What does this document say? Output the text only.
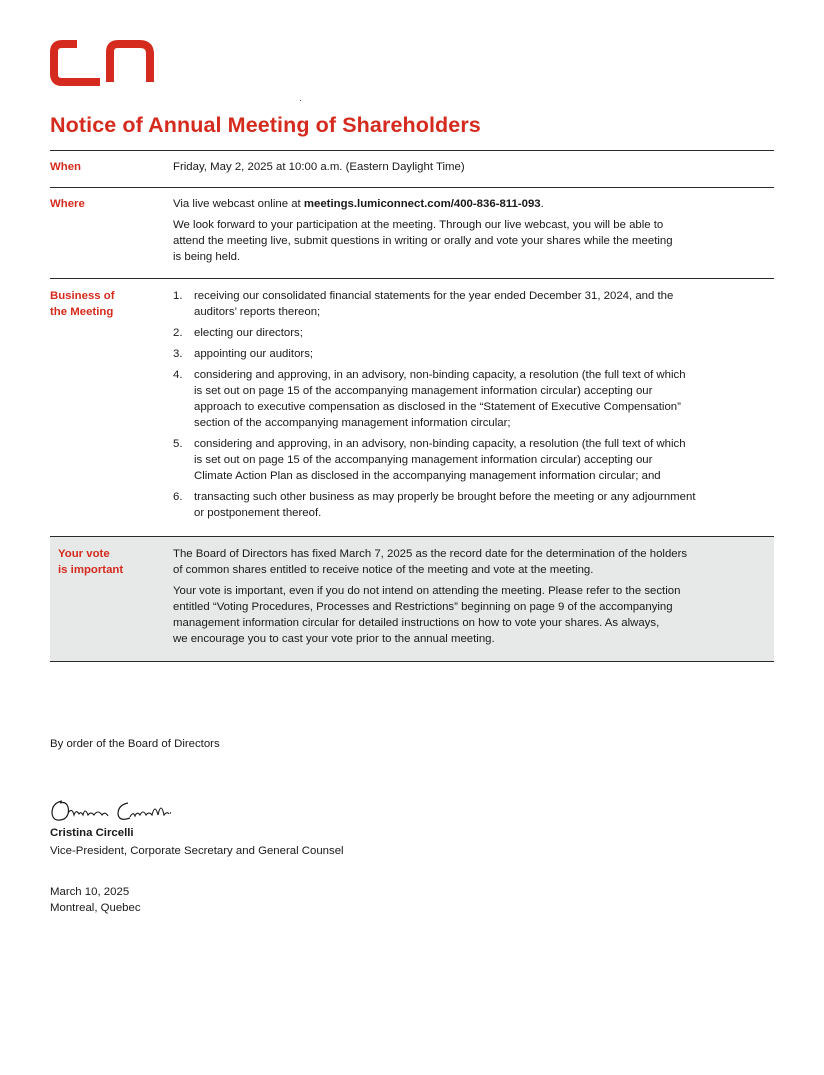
Notice of Annual Meeting of Shareholders
When	Friday, May 2, 2025 at 10:00 a.m. (Eastern Daylight Time)

Where	Via live webcast online at meetings.lumiconnect.com/400-836-811-093.

We look forward to your participation at the meeting. Through our live webcast, you will be able to

attend the meeting live, submit questions in writing or orally and vote your shares while the meeting

is being held.

Business of
the Meeting
1. receiving our consolidated financial statements for the year ended December 31, 2024, and the
auditors’ reports thereon;
2. electing our directors;
3. appointing our auditors;
4. considering and approving, in an advisory, non-binding capacity, a resolution (the full text of which
is set out on page 15 of the accompanying management information circular) accepting our
approach to executive compensation as disclosed in the “Statement of Executive Compensation”
section of the accompanying management information circular;
5. considering and approving, in an advisory, non-binding capacity, a resolution (the full text of which
is set out on page 15 of the accompanying management information circular) accepting our
Climate Action Plan as disclosed in the accompanying management information circular; and
6. transacting such other business as may properly be brought before the meeting or any adjournment
or postponement thereof.
Your vote
is important

The Board of Directors has fixed March 7, 2025 as the record date for the determination of the holders

of common shares entitled to receive notice of the meeting and vote at the meeting.

Your vote is important, even if you do not intend on attending the meeting. Please refer to the section

entitled “Voting Procedures, Processes and Restrictions” beginning on page 9 of the accompanying

management information circular for detailed instructions on how to vote your shares. As always,

we encourage you to cast your vote prior to the annual meeting.

By order of the Board of Directors
Cristina Circelli
Vice-President, Corporate Secretary and General Counsel
March 10, 2025
Montreal, Quebec
